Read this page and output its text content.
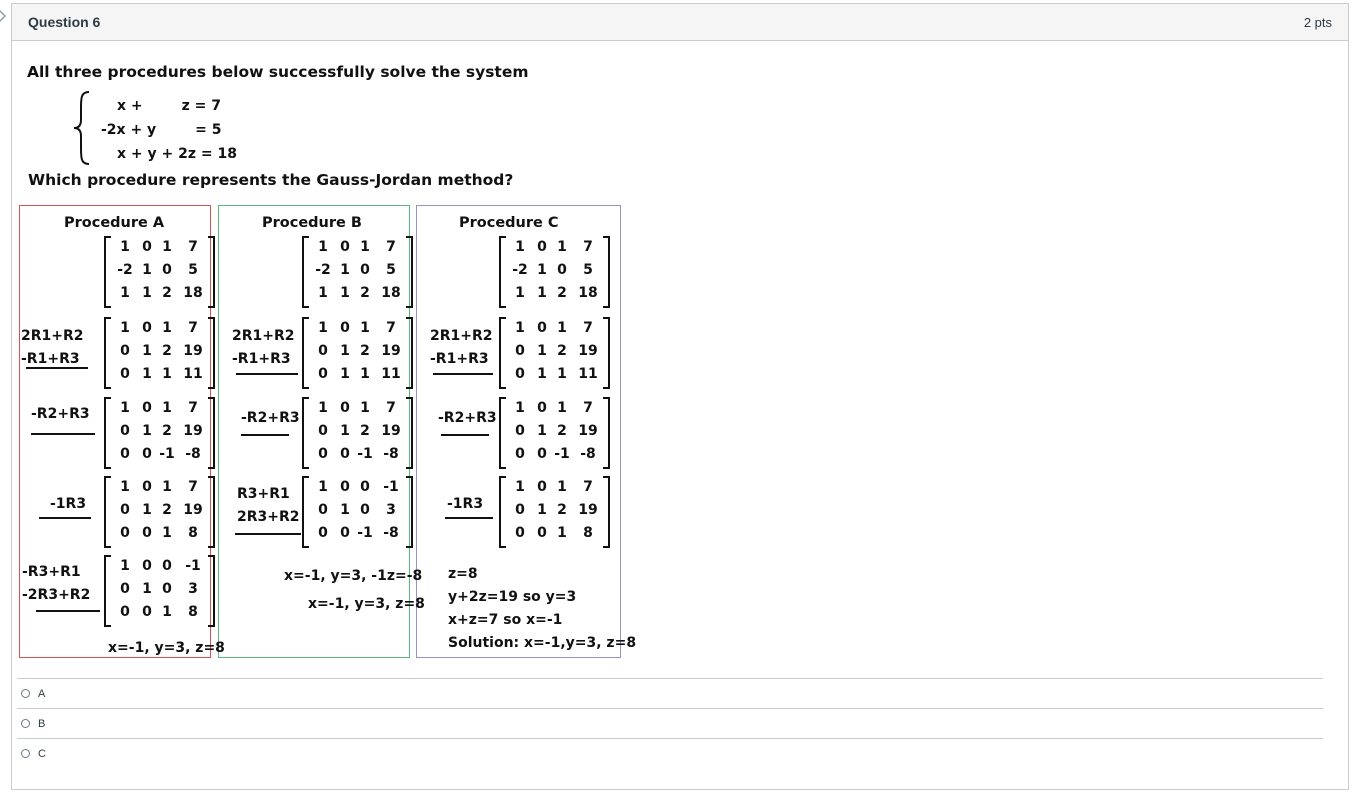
Question 6	2 pts
All three procedures below successfully solve the system
x +        z = 7
-2x + y        = 5
x + y + 2z = 18
Which procedure represents the Gauss-Jordan method?
Procedure A
1 0 1	7
-2 1 0	5
1 1 2 18
1 0 1	7
0 1 2 19
0 1 1 11
1 0 1	7
0 1 2 19
0 0 -1 -8
1 0 1	7
0 1 2 19
0 0 1	8
1 0 0 -1
0 1 0	3
0 0 1	8
2R1+R2
-R1+R3
-R2+R3
-1R3
-R3+R1
-2R3+R2
x=-1, y=3, z=8
Procedure B
1 0 1	7
-2 1 0	5
1 1 2 18
1 0 1	7
0 1 2 19
0 1 1 11
1 0 1	7
0 1 2 19
0 0 -1 -8
1 0 0 -1
0 1 0	3
0 0 -1 -8
2R1+R2
-R1+R3
-R2+R3
R3+R1
2R3+R2
x=-1, y=3, -1z=-8
x=-1, y=3, z=8
Procedure C
1 0 1	7
-2 1 0	5
1 1 2 18
1 0 1	7
0 1 2 19
0 1 1 11
1 0 1	7
0 1 2 19
0 0 -1 -8
1 0 1	7
0 1 2 19
0 0 1	8
2R1+R2
-R1+R3
-R2+R3
-1R3
z=8
y+2z=19 so y=3
x+z=7 so x=-1
Solution: x=-1,y=3, z=8
A
B
C
